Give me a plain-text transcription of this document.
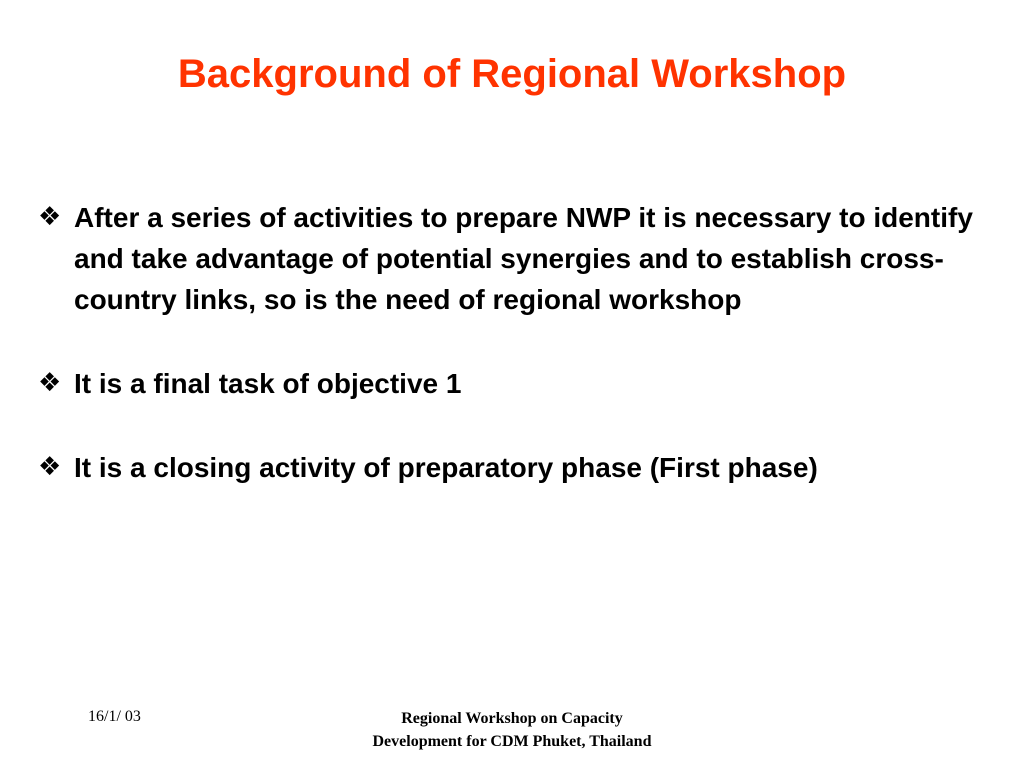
Background of Regional Workshop
❖ After a series of activities to prepare NWP it is necessary to identify and take advantage of potential synergies and to establish cross-country links, so is the need of regional workshop
❖ It is a final task of objective 1
❖ It is a closing activity of preparatory phase (First phase)

16/1/ 03	Regional Workshop on Capacity
Development for CDM Phuket, Thailand
